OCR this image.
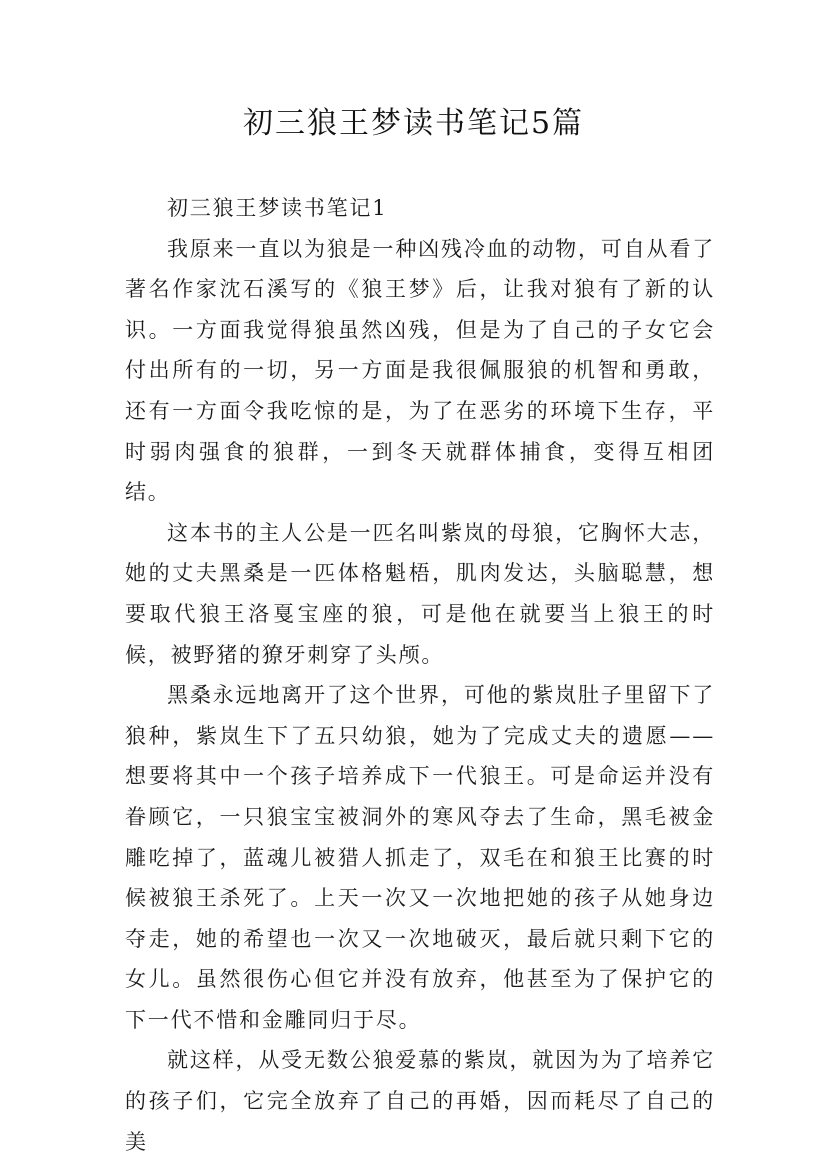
初三狼王梦读书笔记5篇

初三狼王梦读书笔记1

我原来一直以为狼是一种凶残冷血的动物，可自从看了著名作家沈石溪写的《狼王梦》后，让我对狼有了新的认识。一方面我觉得狼虽然凶残，但是为了自己的子女它会付出所有的一切，另一方面是我很佩服狼的机智和勇敢，还有一方面令我吃惊的是，为了在恶劣的环境下生存，平时弱肉强食的狼群，一到冬天就群体捕食，变得互相团结。

这本书的主人公是一匹名叫紫岚的母狼，它胸怀大志，她的丈夫黑桑是一匹体格魁梧，肌肉发达，头脑聪慧，想要取代狼王洛戛宝座的狼，可是他在就要当上狼王的时候，被野猪的獠牙刺穿了头颅。

黑桑永远地离开了这个世界，可他的紫岚肚子里留下了狼种，紫岚生下了五只幼狼，她为了完成丈夫的遗愿——想要将其中一个孩子培养成下一代狼王。可是命运并没有眷顾它，一只狼宝宝被洞外的寒风夺去了生命，黑毛被金雕吃掉了，蓝魂儿被猎人抓走了，双毛在和狼王比赛的时候被狼王杀死了。上天一次又一次地把她的孩子从她身边夺走，她的希望也一次又一次地破灭，最后就只剩下它的女儿。虽然很伤心但它并没有放弃，他甚至为了保护它的下一代不惜和金雕同归于尽。

就这样，从受无数公狼爱慕的紫岚，就因为为了培养它的孩子们，它完全放弃了自己的再婚，因而耗尽了自己的美
